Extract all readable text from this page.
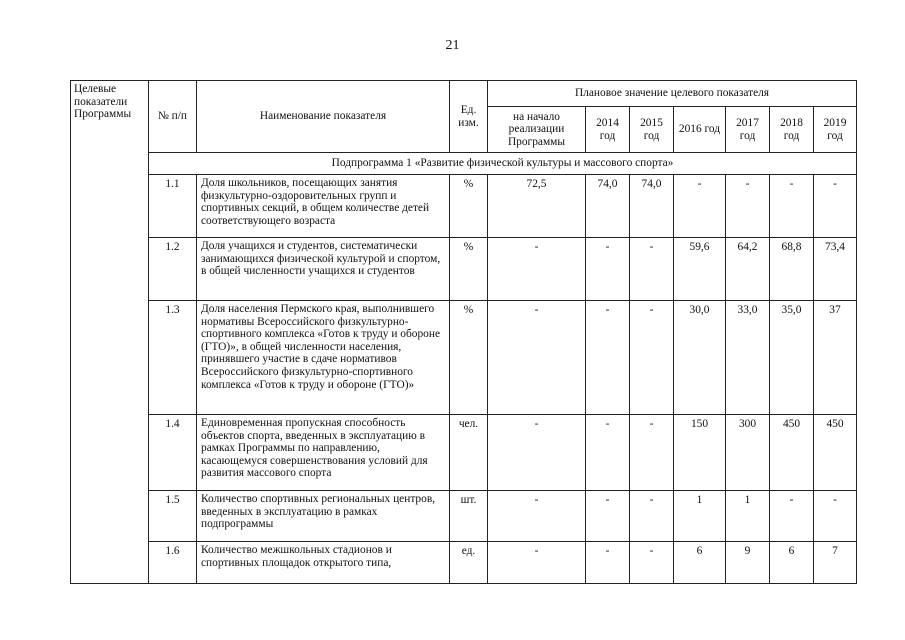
21
Целевые показатели Программы	№ п/п	Наименование показателя	Ед. изм.	Плановое значение целевого показателя						
				на начало реализации Программы	2014 год	2015 год	2016 год	2017 год	2018 год	2019 год
	Подпрограмма 1 «Развитие физической культуры и массового спорта»									
	1.1	Доля школьников, посещающих занятия физкультурно-оздоровительных групп и спортивных секций, в общем количестве детей соответствующего возраста	%	72,5	74,0	74,0	-	-	-	-
	1.2	Доля учащихся и студентов, систематически занимающихся физической культурой и спортом, в общей численности учащихся и студентов	%	-	-	-	59,6	64,2	68,8	73,4
	1.3	Доля населения Пермского края, выполнившего нормативы Всероссийского физкультурно-спортивного комплекса «Готов к труду и обороне (ГТО)», в общей численности населения, принявшего участие в сдаче нормативов Всероссийского физкультурно-спортивного комплекса «Готов к труду и обороне (ГТО)»	%	-	-	-	30,0	33,0	35,0	37
	1.4	Единовременная пропускная способность объектов спорта, введенных в эксплуатацию в рамках Программы по направлению, касающемуся совершенствования условий для развития массового спорта	чел.	-	-	-	150	300	450	450
	1.5	Количество спортивных региональных центров, введенных в эксплуатацию в рамках подпрограммы	шт.	-	-	-	1	1	-	-
	1.6	Количество межшкольных стадионов и спортивных площадок открытого типа,	ед.	-	-	-	6	9	6	7
